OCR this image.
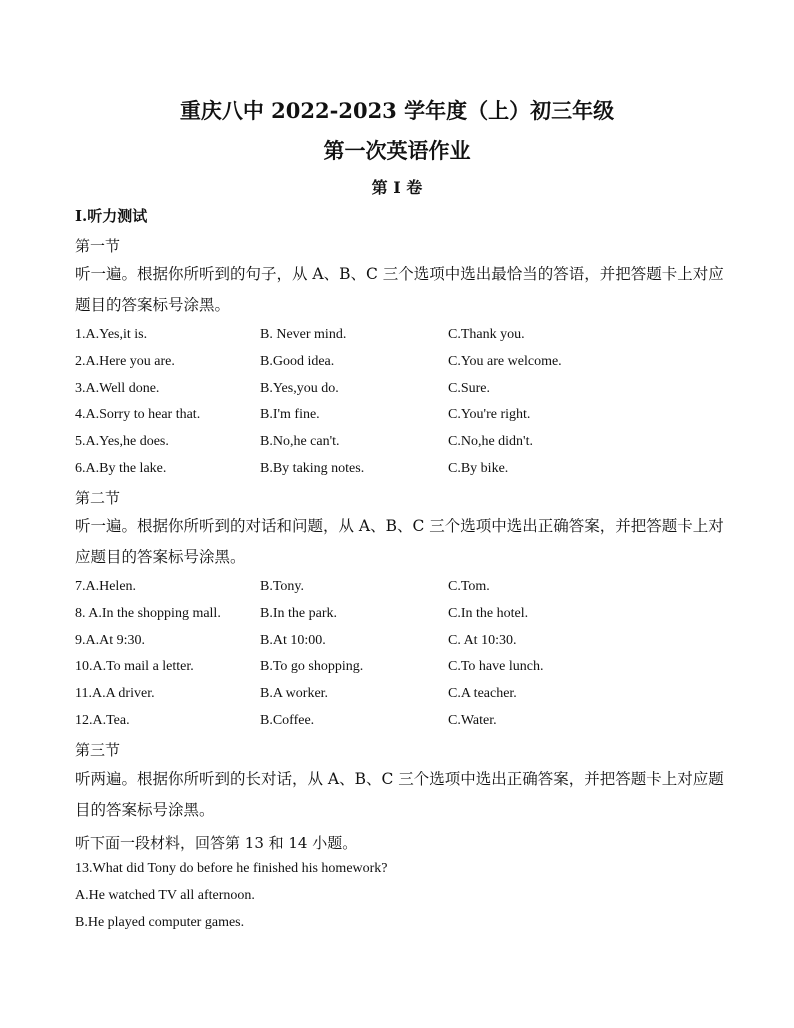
重庆八中 2022-2023 学年度（上）初三年级
第一次英语作业
第 I 卷
I.听力测试
第一节
听一遍。根据你所听到的句子，从 A、B、C 三个选项中选出最恰当的答语，并把答题卡上对应题目的答案标号涂黑。
1.A.Yes,it is.	B. Never mind.	C.Thank you.
2.A.Here you are.	B.Good idea.	C.You are welcome.
3.A.Well done.	B.Yes,you do.	C.Sure.
4.A.Sorry to hear that.	B.I'm fine.	C.You're right.
5.A.Yes,he does.	B.No,he can't.	C.No,he didn't.
6.A.By the lake.	B.By taking notes.	C.By bike.
第二节
听一遍。根据你所听到的对话和问题，从 A、B、C 三个选项中选出正确答案，并把答题卡上对应题目的答案标号涂黑。
7.A.Helen.	B.Tony.	C.Tom.
8. A.In the shopping mall.	B.In the park.	C.In the hotel.
9.A.At 9:30.	B.At 10:00.	C. At 10:30.
10.A.To mail a letter.	B.To go shopping.	C.To have lunch.
11.A.A driver.	B.A worker.	C.A teacher.
12.A.Tea.	B.Coffee.	C.Water.
第三节
听两遍。根据你所听到的长对话，从 A、B、C 三个选项中选出正确答案，并把答题卡上对应题目的答案标号涂黑。
听下面一段材料，回答第 13 和 14 小题。
13.What did Tony do before he finished his homework?
A.He watched TV all afternoon.
B.He played computer games.
